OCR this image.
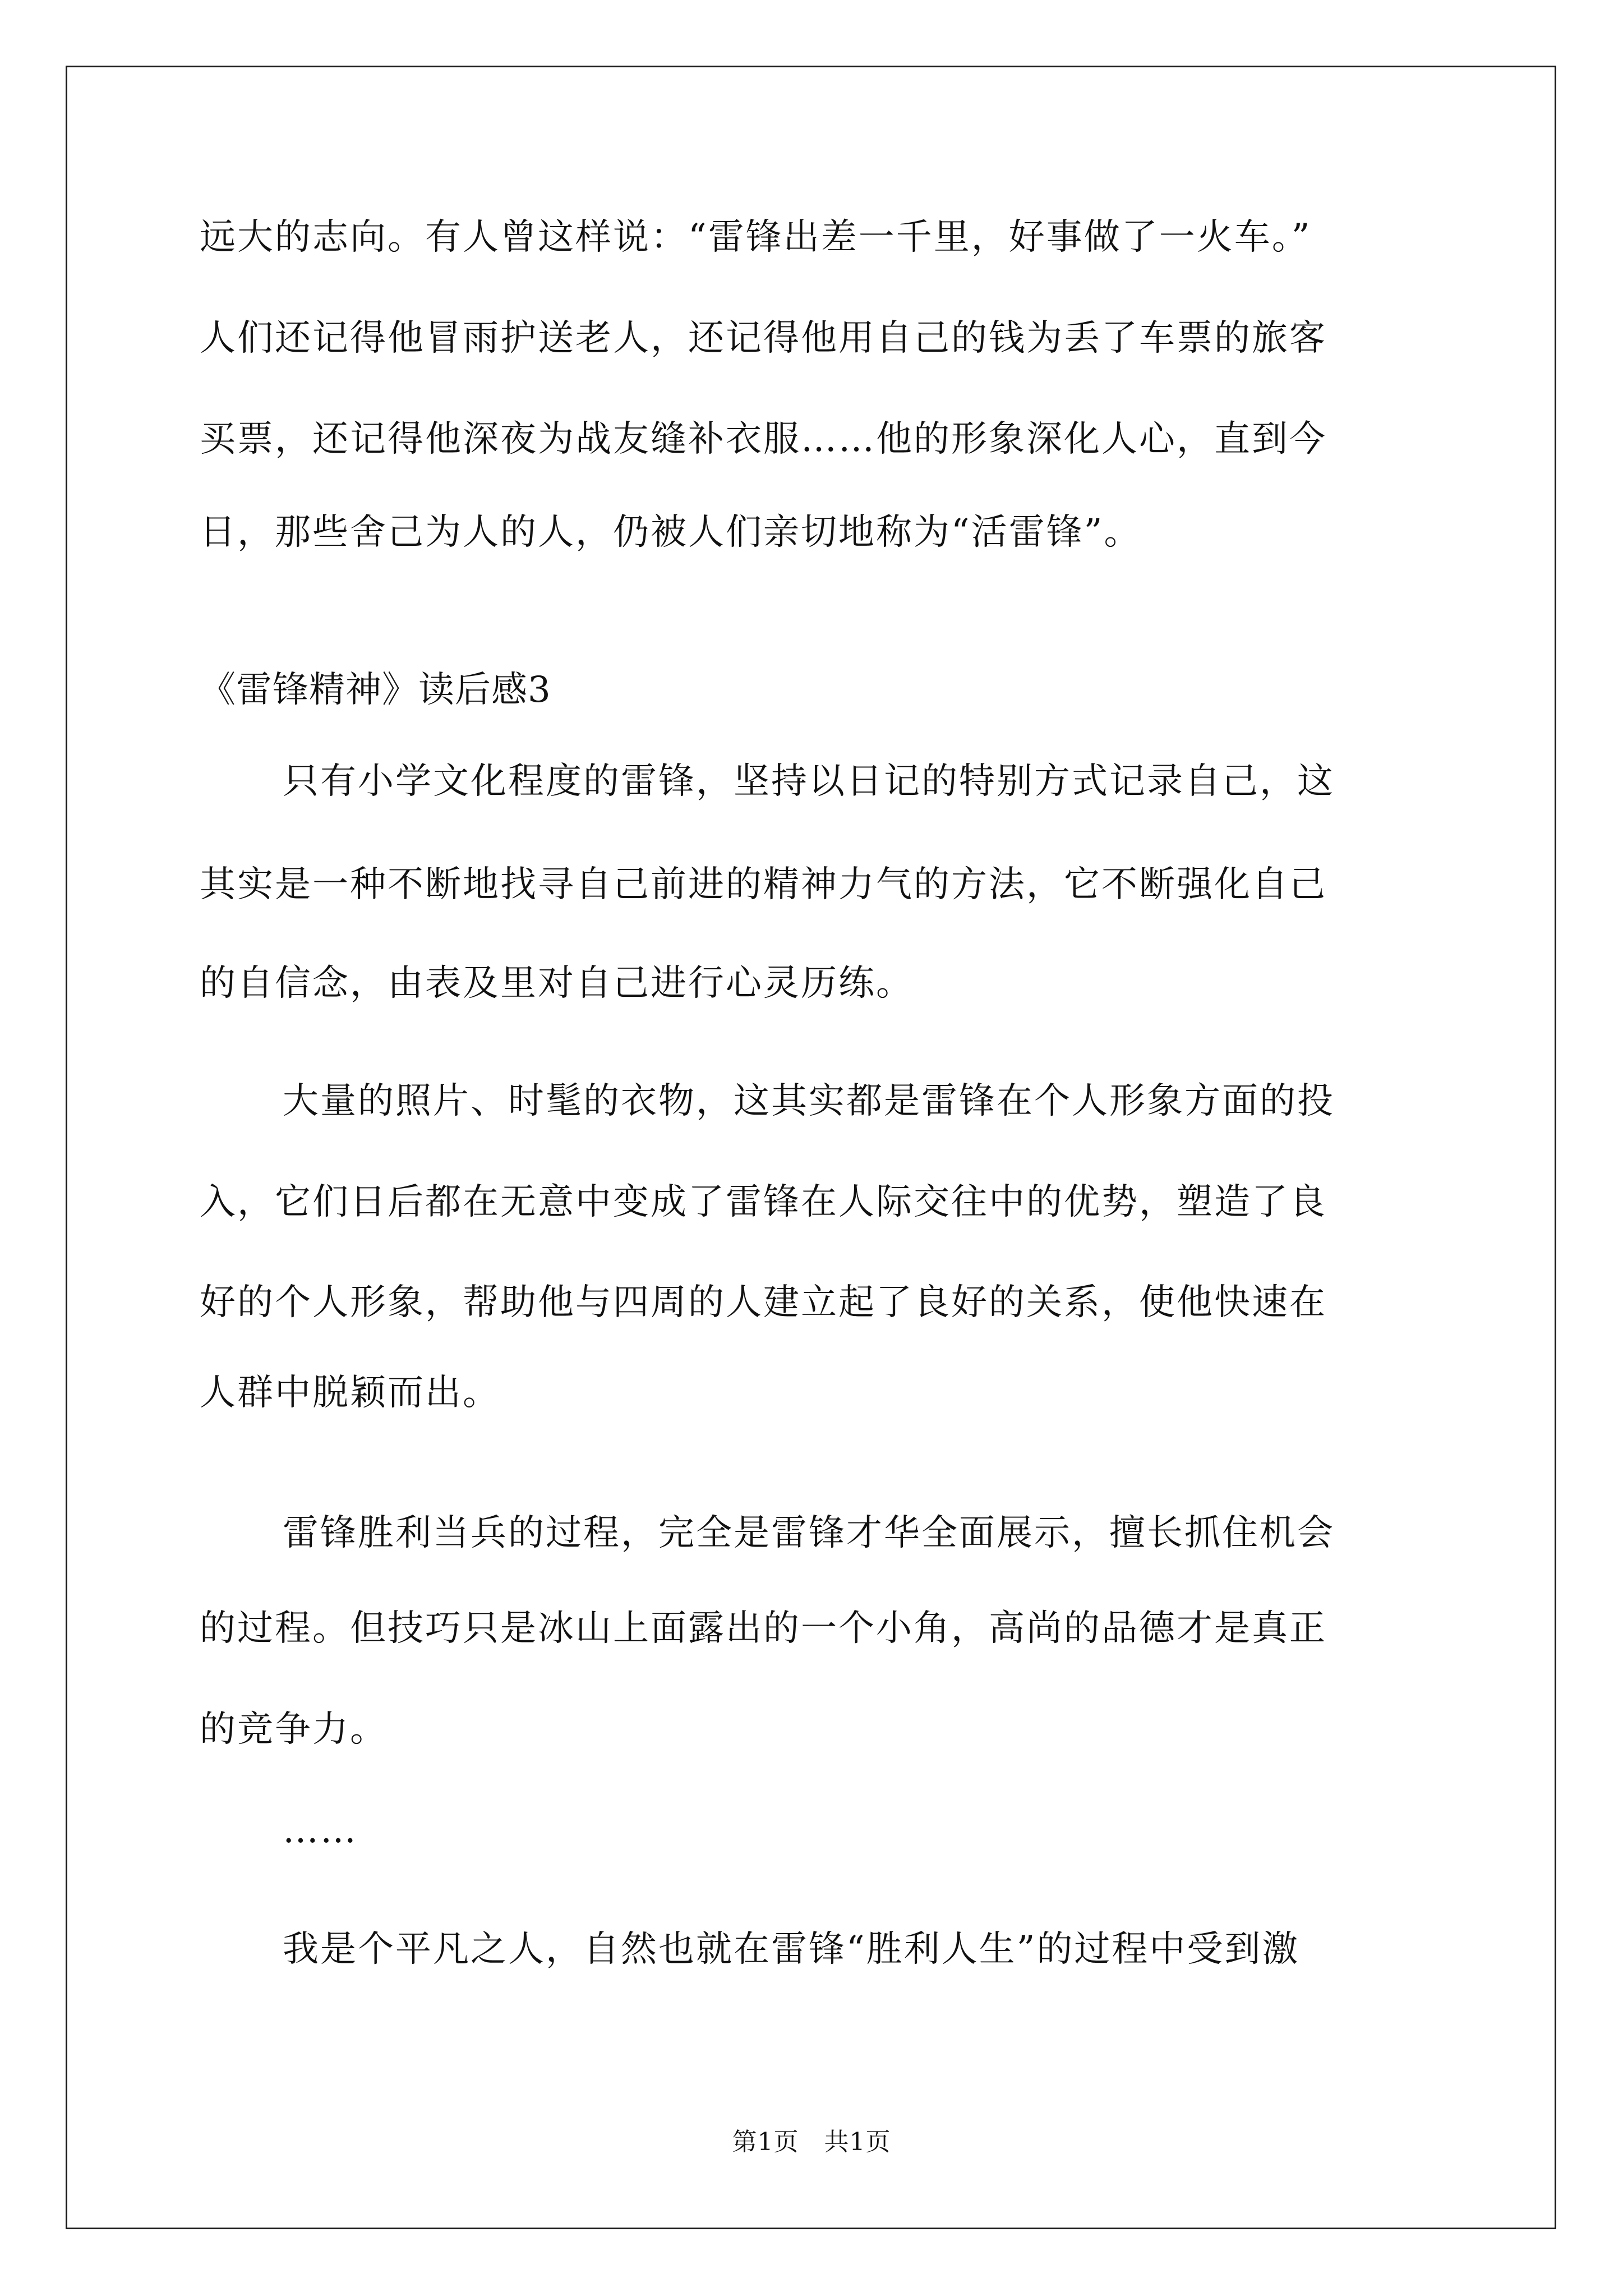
远大的志向。有人曾这样说：“雷锋出差一千里，好事做了一火车。”
人们还记得他冒雨护送老人，还记得他用自己的钱为丢了车票的旅客
买票，还记得他深夜为战友缝补衣服……他的形象深化人心，直到今
日，那些舍己为人的人，仍被人们亲切地称为“活雷锋”。
《雷锋精神》读后感3
只有小学文化程度的雷锋，坚持以日记的特别方式记录自己，这
其实是一种不断地找寻自己前进的精神力气的方法，它不断强化自己
的自信念，由表及里对自己进行心灵历练。
大量的照片、时髦的衣物，这其实都是雷锋在个人形象方面的投
入，它们日后都在无意中变成了雷锋在人际交往中的优势，塑造了良
好的个人形象，帮助他与四周的人建立起了良好的关系，使他快速在
人群中脱颖而出。
雷锋胜利当兵的过程，完全是雷锋才华全面展示，擅长抓住机会
的过程。但技巧只是冰山上面露出的一个小角，高尚的品德才是真正
的竞争力。
……
我是个平凡之人，自然也就在雷锋“胜利人生”的过程中受到激
第1页　共1页
